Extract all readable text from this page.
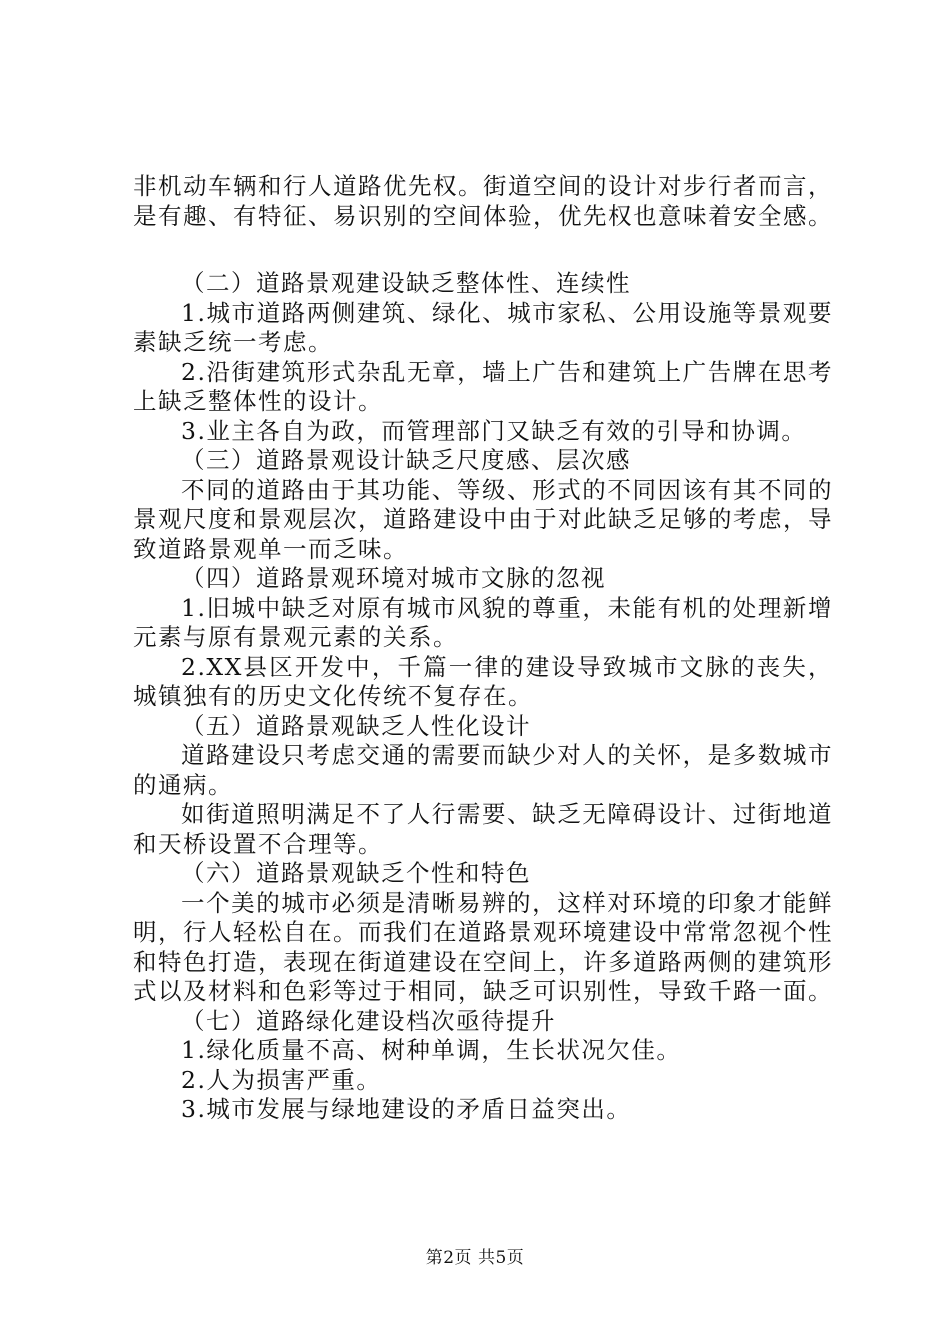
非机动车辆和行人道路优先权。街道空间的设计对步行者而言，是有趣、有特征、易识别的空间体验，优先权也意味着安全感。

（二）道路景观建设缺乏整体性、连续性

1.城市道路两侧建筑、绿化、城市家私、公用设施等景观要素缺乏统一考虑。

2.沿街建筑形式杂乱无章，墙上广告和建筑上广告牌在思考上缺乏整体性的设计。

3.业主各自为政，而管理部门又缺乏有效的引导和协调。

（三）道路景观设计缺乏尺度感、层次感

不同的道路由于其功能、等级、形式的不同因该有其不同的景观尺度和景观层次，道路建设中由于对此缺乏足够的考虑，导致道路景观单一而乏味。

（四）道路景观环境对城市文脉的忽视

1.旧城中缺乏对原有城市风貌的尊重，未能有机的处理新增元素与原有景观元素的关系。

2.XX县区开发中，千篇一律的建设导致城市文脉的丧失，城镇独有的历史文化传统不复存在。

（五）道路景观缺乏人性化设计

道路建设只考虑交通的需要而缺少对人的关怀，是多数城市的通病。

如街道照明满足不了人行需要、缺乏无障碍设计、过街地道和天桥设置不合理等。

（六）道路景观缺乏个性和特色

一个美的城市必须是清晰易辨的，这样对环境的印象才能鲜明，行人轻松自在。而我们在道路景观环境建设中常常忽视个性和特色打造，表现在街道建设在空间上，许多道路两侧的建筑形式以及材料和色彩等过于相同，缺乏可识别性，导致千路一面。

（七）道路绿化建设档次亟待提升

1.绿化质量不高、树种单调，生长状况欠佳。

2.人为损害严重。

3.城市发展与绿地建设的矛盾日益突出。

第2页 共5页
